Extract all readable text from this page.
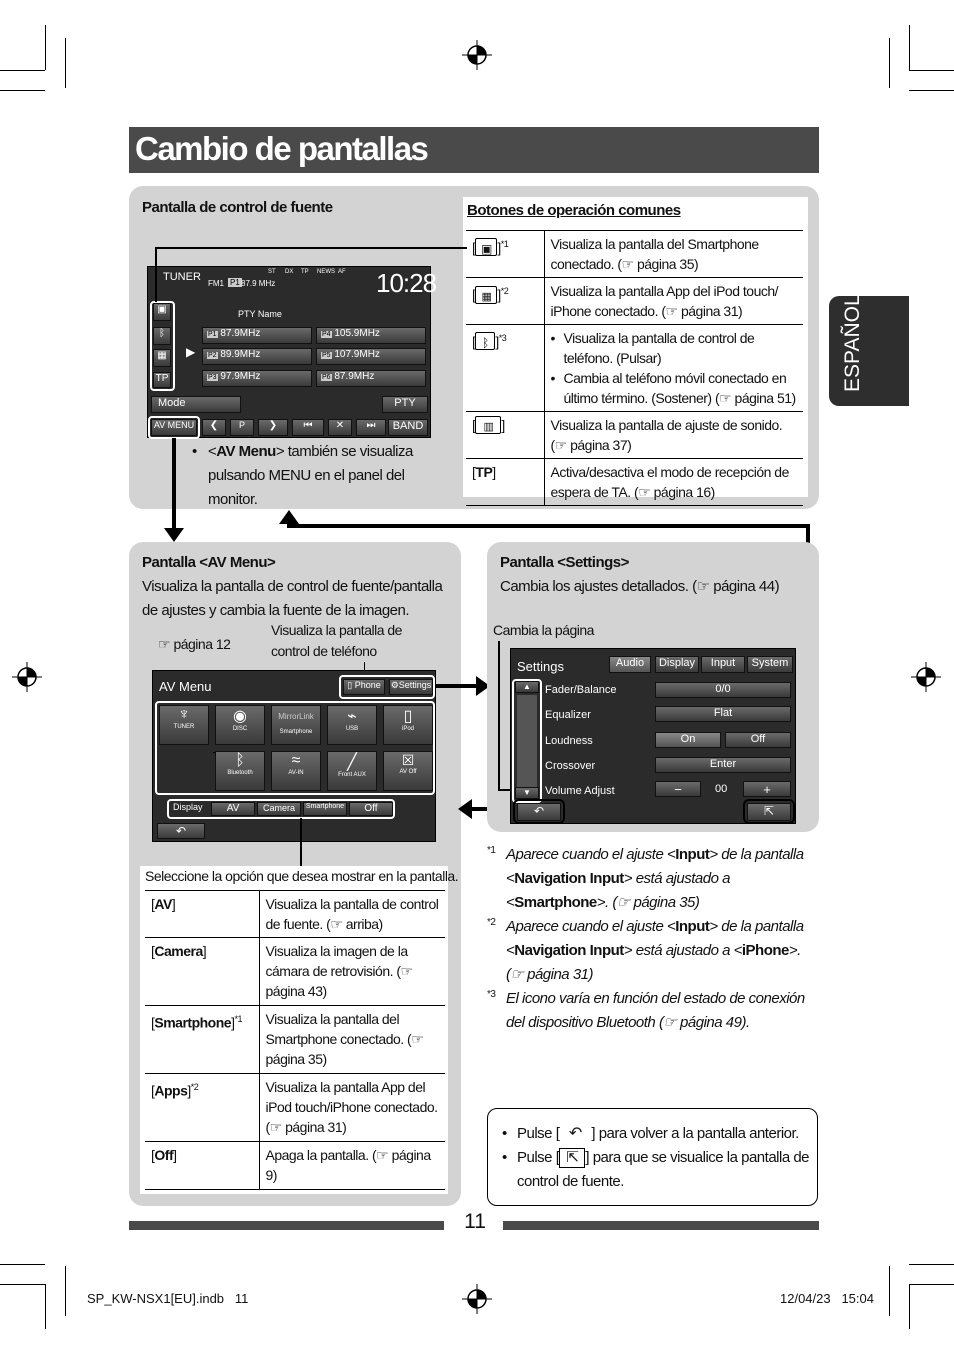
Cambio de pantallas
ESPAÑOL
Pantalla de control de fuente
TUNER
FM1 P1 87.9 MHz
ST DX TP NEWS AF 10:28
PTY Name
▣
ᛒ
▦
TP
▶
P1 87.9MHz	P4 105.9MHz
P2 89.9MHz	P5 107.9MHz
P3 97.9MHz	P6 87.9MHz
Mode	PTY
AV MENU	❮	P	❯	⏮	✕	⏭	BAND
• <AV Menu> también se visualiza pulsando MENU en el panel del monitor.
Botones de operación comunes
[ ▣ ]$^{*1}$	Visualiza la pantalla del Smartphone conectado. (☞ página 35)
[ ▦ ]$^{*2}$	Visualiza la pantalla App del iPod touch/ iPhone conectado. (☞ página 31)
[ ᛒ ]$^{*3}$	• Visualiza la pantalla de control de teléfono. (Pulsar)
• Cambia al teléfono móvil conectado en último término. (Sostener) (☞ página 51)

[ ▥ ]	Visualiza la pantalla de ajuste de sonido. (☞ página 37)
[TP]	Activa/desactiva el modo de recepción de espera de TA. (☞ página 16)
Pantalla <AV Menu>
Visualiza la pantalla de control de fuente/pantalla de ajustes y cambia la fuente de la imagen.
☞ página 12
Visualiza la pantalla de control de teléfono
AV Menu	▯ Phone	⚙Settings
♆
TUNER
◉
DISC
MirrorLink
Smartphone
⌁
USB
▯
iPod
ᛒ
Bluetooth
≈
AV-IN
╱
Front AUX
☒
AV Off
Display	AV	Camera	Smartphone	Off
↶
Seleccione la opción que desea mostrar en la pantalla.
[AV]	Visualiza la pantalla de control de fuente. (☞ arriba)
[Camera]	Visualiza la imagen de la cámara de retrovisión. (☞ página 43)
[Smartphone]$^{*1}$	Visualiza la pantalla del Smartphone conectado. (☞ página 35)
[Apps]$^{*2}$	Visualiza la pantalla App del iPod touch/iPhone conectado. (☞ página 31)
[Off]	Apaga la pantalla. (☞ página 9)
Pantalla <Settings>
Cambia los ajustes detallados. (☞ página 44)
Cambia la página
Settings	Audio	Display	Input	System
▲
▼
Fader/Balance	0/0
Equalizer	Flat
Loudness	On	Off
Crossover	Enter
Volume Adjust	−	00	+
↶	⇱
*1 Aparece cuando el ajuste <Input> de la pantalla <Navigation Input> está ajustado a <Smartphone>. (☞ página 35)
*2 Aparece cuando el ajuste <Input> de la pantalla <Navigation Input> está ajustado a <iPhone>. (☞ página 31)
*3 El icono varía en función del estado de conexión del dispositivo Bluetooth (☞ página 49).
• Pulse [ ↶ ] para volver a la pantalla anterior.
• Pulse [ ⇱ ] para que se visualice la pantalla de control de fuente.
11
SP_KW-NSX1[EU].indb   11	12/04/23   15:04
